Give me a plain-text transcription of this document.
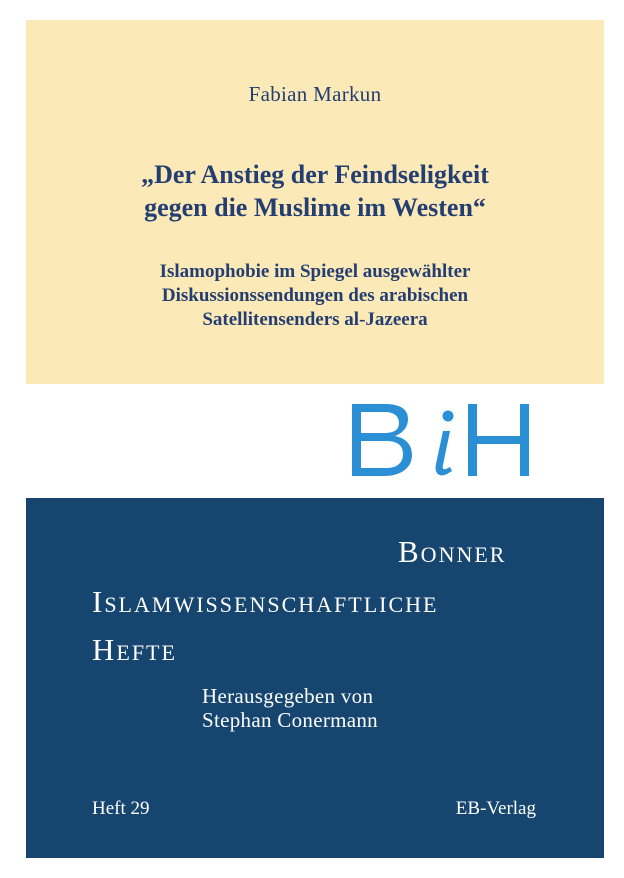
Fabian Markun
„Der Anstieg der Feindseligkeit
gegen die Muslime im Westen“
Islamophobie im Spiegel ausgewählter
Diskussionssendungen des arabischen
Satellitensenders al-Jazeera
Bonner
Islamwissenschaftliche
Hefte
Herausgegeben von
Stephan Conermann
Heft 29	EB-Verlag
